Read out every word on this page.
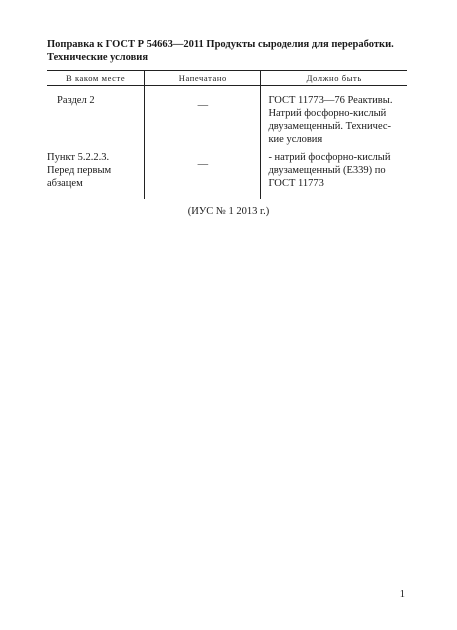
Поправка к ГОСТ Р 54663—2011 Продукты сыроделия для переработки.
Технические условия
В каком месте	Напечатано	Должно быть
Раздел 2	—	ГОСТ 11773—76 Реактивы.
Натрий фосфорно-кислый
двузамещенный. Техничес-
кие условия

Пункт 5.2.2.3.
Перед первым
абзацем	—	- натрий фосфорно-кислый
двузамещенный (Е339) по
ГОСТ 11773
(ИУС № 1 2013 г.)
1
